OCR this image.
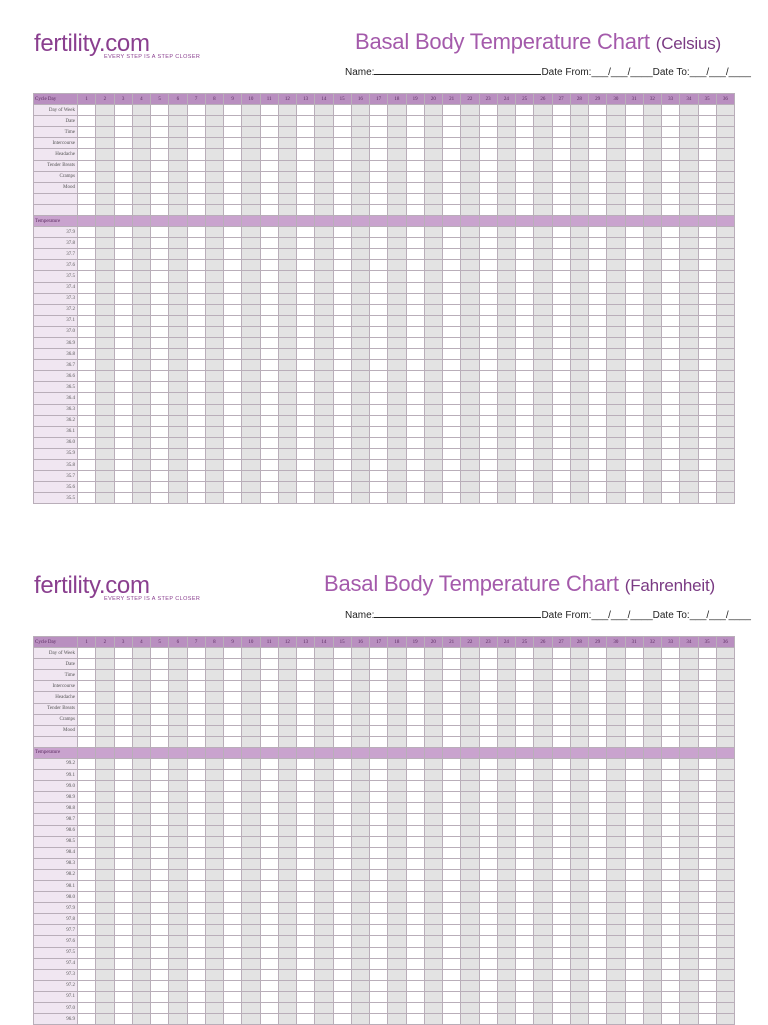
fertility.com
EVERY STEP IS A STEP CLOSER
Basal Body Temperature Chart (Celsius)
Name:	Date From:___/___/____Date To:___/___/____
Cycle Day	1	2	3	4	5	6	7	8	9	10	11	12	13	14	15	16	17	18	19	20	21	22	23	24	25	26	27	28	29	30	31	32	33	34	35	36
Day of Week																																				
Date																																				
Time																																				
Intercourse																																				
Headache																																				
Tender Breats																																				
Cramps																																				
Mood																																				

Temperature																																				
37.9																																				
37.8																																				
37.7																																				
37.6																																				
37.5																																				
37.4																																				
37.3																																				
37.2																																				
37.1																																				
37.0																																				
36.9																																				
36.8																																				
36.7																																				
36.6																																				
36.5																																				
36.4																																				
36.3																																				
36.2																																				
36.1																																				
36.0																																				
35.9																																				
35.8																																				
35.7																																				
35.6																																				
35.5																																				
fertility.com
EVERY STEP IS A STEP CLOSER
Basal Body Temperature Chart (Fahrenheit)
Name:	Date From:___/___/____Date To:___/___/____
Cycle Day	1	2	3	4	5	6	7	8	9	10	11	12	13	14	15	16	17	18	19	20	21	22	23	24	25	26	27	28	29	30	31	32	33	34	35	36
Day of Week																																				
Date																																				
Time																																				
Intercourse																																				
Headache																																				
Tender Breats																																				
Cramps																																				
Mood																																				

Temperature																																				
99.2																																				
99.1																																				
99.0																																				
98.9																																				
98.8																																				
98.7																																				
98.6																																				
98.5																																				
98.4																																				
98.3																																				
98.2																																				
98.1																																				
98.0																																				
97.9																																				
97.8																																				
97.7																																				
97.6																																				
97.5																																				
97.4																																				
97.3																																				
97.2																																				
97.1																																				
97.0																																				
96.9																																				
